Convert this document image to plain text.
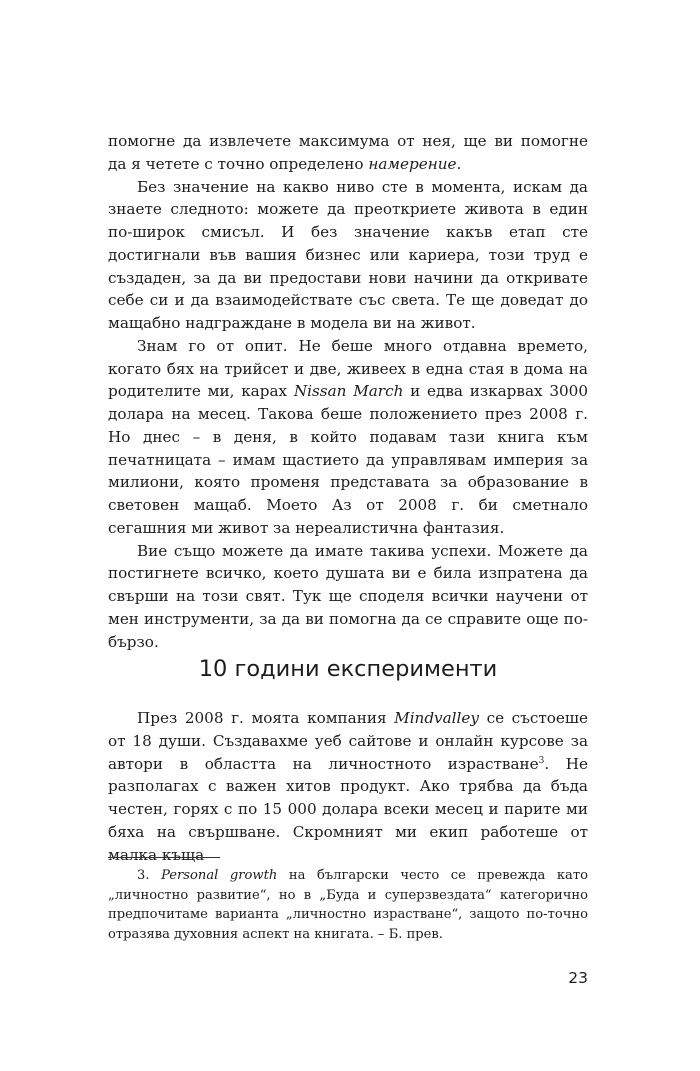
помогне да извлечете максимума от нея, ще ви помогне да я четете с точно определено намерение.

Без значение на какво ниво сте в момента, искам да знаете следното: можете да преоткриете живота в един по-широк смисъл. И без значение какъв етап сте достигнали във вашия бизнес или кариера, този труд е създаден, за да ви предостави нови начини да откривате себе си и да взаимодействате със света. Те ще доведат до мащабно надграждане в модела ви на живот.

Знам го от опит. Не беше много отдавна времето, когато бях на трийсет и две, живеех в една стая в дома на родителите ми, карах Nissan March и едва изкарвах 3000 долара на месец. Такова беше положението през 2008 г. Но днес – в деня, в който подавам тази книга към печатницата – имам щастието да управлявам империя за милиони, която променя представата за образование в световен мащаб. Моето Аз от 2008 г. би сметнало сегашния ми живот за нереалистична фантазия.

Вие също можете да имате такива успехи. Можете да постигнете всичко, което душата ви е била изпратена да свърши на този свят. Тук ще споделя всички научени от мен инструменти, за да ви помогна да се справите още по-бързо.

10 години експерименти

През 2008 г. моята компания Mindvalley се състоеше от 18 души. Създавахме уеб сайтове и онлайн курсове за автори в областта на личностното израстване$^3$. Не разполагах с важен хитов продукт. Ако трябва да бъда честен, горях с по 15 000 долара всеки месец и парите ми бяха на свършване. Скромният ми екип работеше от малка къща

3. Personal growth на български често се превежда като „личностно развитие“, но в „Буда и суперзвездата“ категорично предпочитаме варианта „личностно израстване“, защото по-точно отразява духовния аспект на книгата. – Б. прев.

23
